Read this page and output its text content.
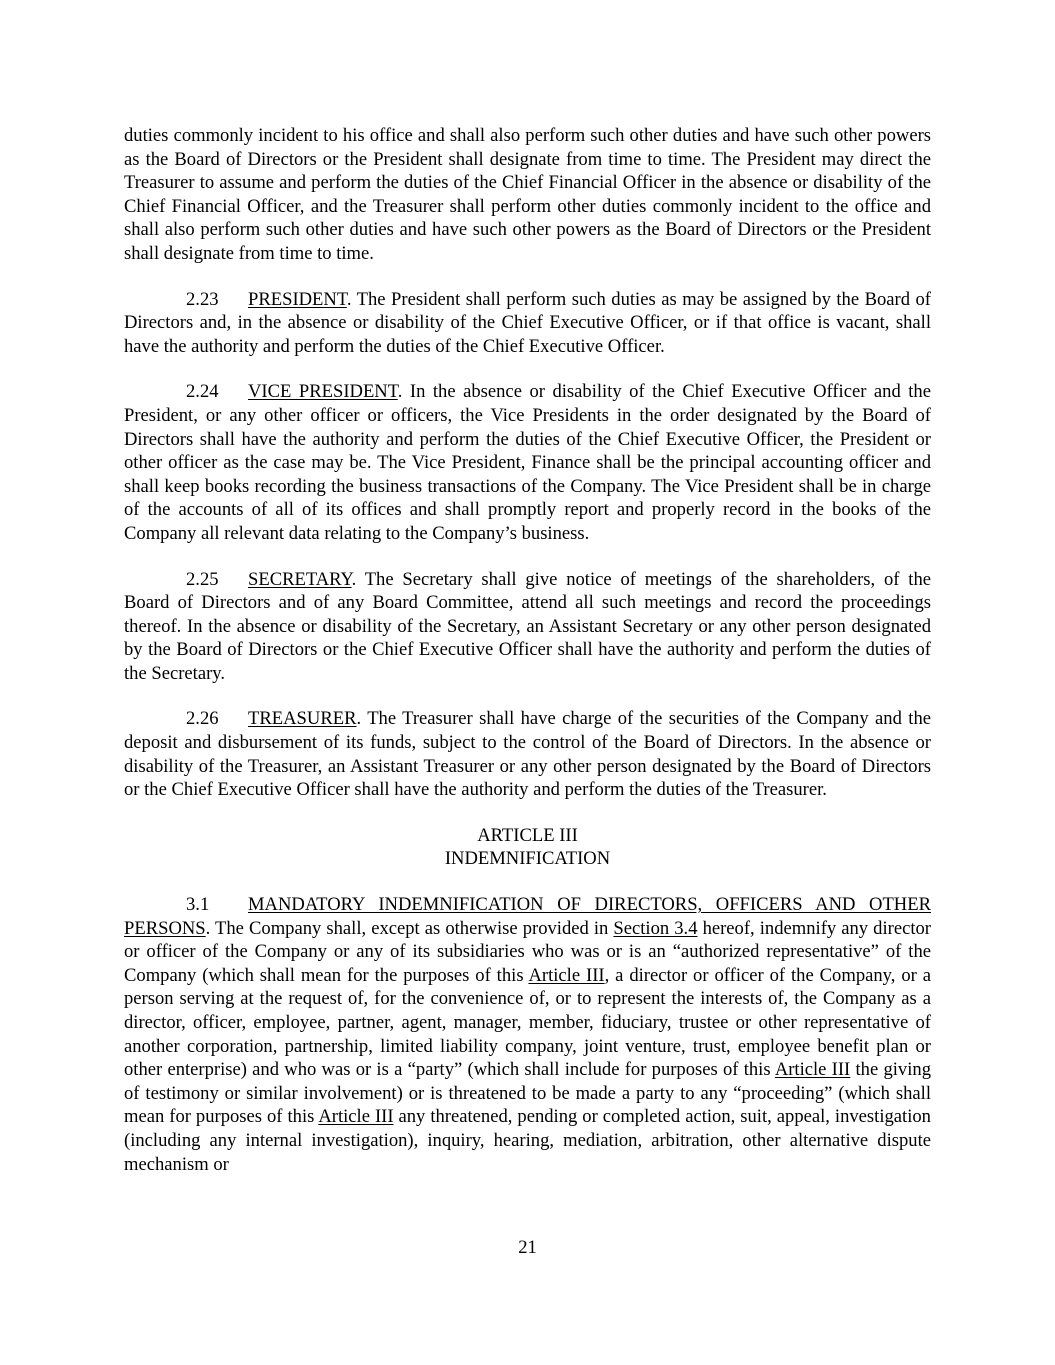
duties commonly incident to his office and shall also perform such other duties and have such other powers as the Board of Directors or the President shall designate from time to time. The President may direct the Treasurer to assume and perform the duties of the Chief Financial Officer in the absence or disability of the Chief Financial Officer, and the Treasurer shall perform other duties commonly incident to the office and shall also perform such other duties and have such other powers as the Board of Directors or the President shall designate from time to time.

2.23 PRESIDENT. The President shall perform such duties as may be assigned by the Board of Directors and, in the absence or disability of the Chief Executive Officer, or if that office is vacant, shall have the authority and perform the duties of the Chief Executive Officer.

2.24 VICE PRESIDENT. In the absence or disability of the Chief Executive Officer and the President, or any other officer or officers, the Vice Presidents in the order designated by the Board of Directors shall have the authority and perform the duties of the Chief Executive Officer, the President or other officer as the case may be. The Vice President, Finance shall be the principal accounting officer and shall keep books recording the business transactions of the Company. The Vice President shall be in charge of the accounts of all of its offices and shall promptly report and properly record in the books of the Company all relevant data relating to the Company’s business.

2.25 SECRETARY. The Secretary shall give notice of meetings of the shareholders, of the Board of Directors and of any Board Committee, attend all such meetings and record the proceedings thereof. In the absence or disability of the Secretary, an Assistant Secretary or any other person designated by the Board of Directors or the Chief Executive Officer shall have the authority and perform the duties of the Secretary.

2.26 TREASURER. The Treasurer shall have charge of the securities of the Company and the deposit and disbursement of its funds, subject to the control of the Board of Directors. In the absence or disability of the Treasurer, an Assistant Treasurer or any other person designated by the Board of Directors or the Chief Executive Officer shall have the authority and perform the duties of the Treasurer.

ARTICLE III
INDEMNIFICATION

3.1 MANDATORY INDEMNIFICATION OF DIRECTORS, OFFICERS AND OTHER PERSONS. The Company shall, except as otherwise provided in Section 3.4 hereof, indemnify any director or officer of the Company or any of its subsidiaries who was or is an “authorized representative” of the Company (which shall mean for the purposes of this Article III, a director or officer of the Company, or a person serving at the request of, for the convenience of, or to represent the interests of, the Company as a director, officer, employee, partner, agent, manager, member, fiduciary, trustee or other representative of another corporation, partnership, limited liability company, joint venture, trust, employee benefit plan or other enterprise) and who was or is a “party” (which shall include for purposes of this Article III the giving of testimony or similar involvement) or is threatened to be made a party to any “proceeding” (which shall mean for purposes of this Article III any threatened, pending or completed action, suit, appeal, investigation (including any internal investigation), inquiry, hearing, mediation, arbitration, other alternative dispute mechanism or

21
